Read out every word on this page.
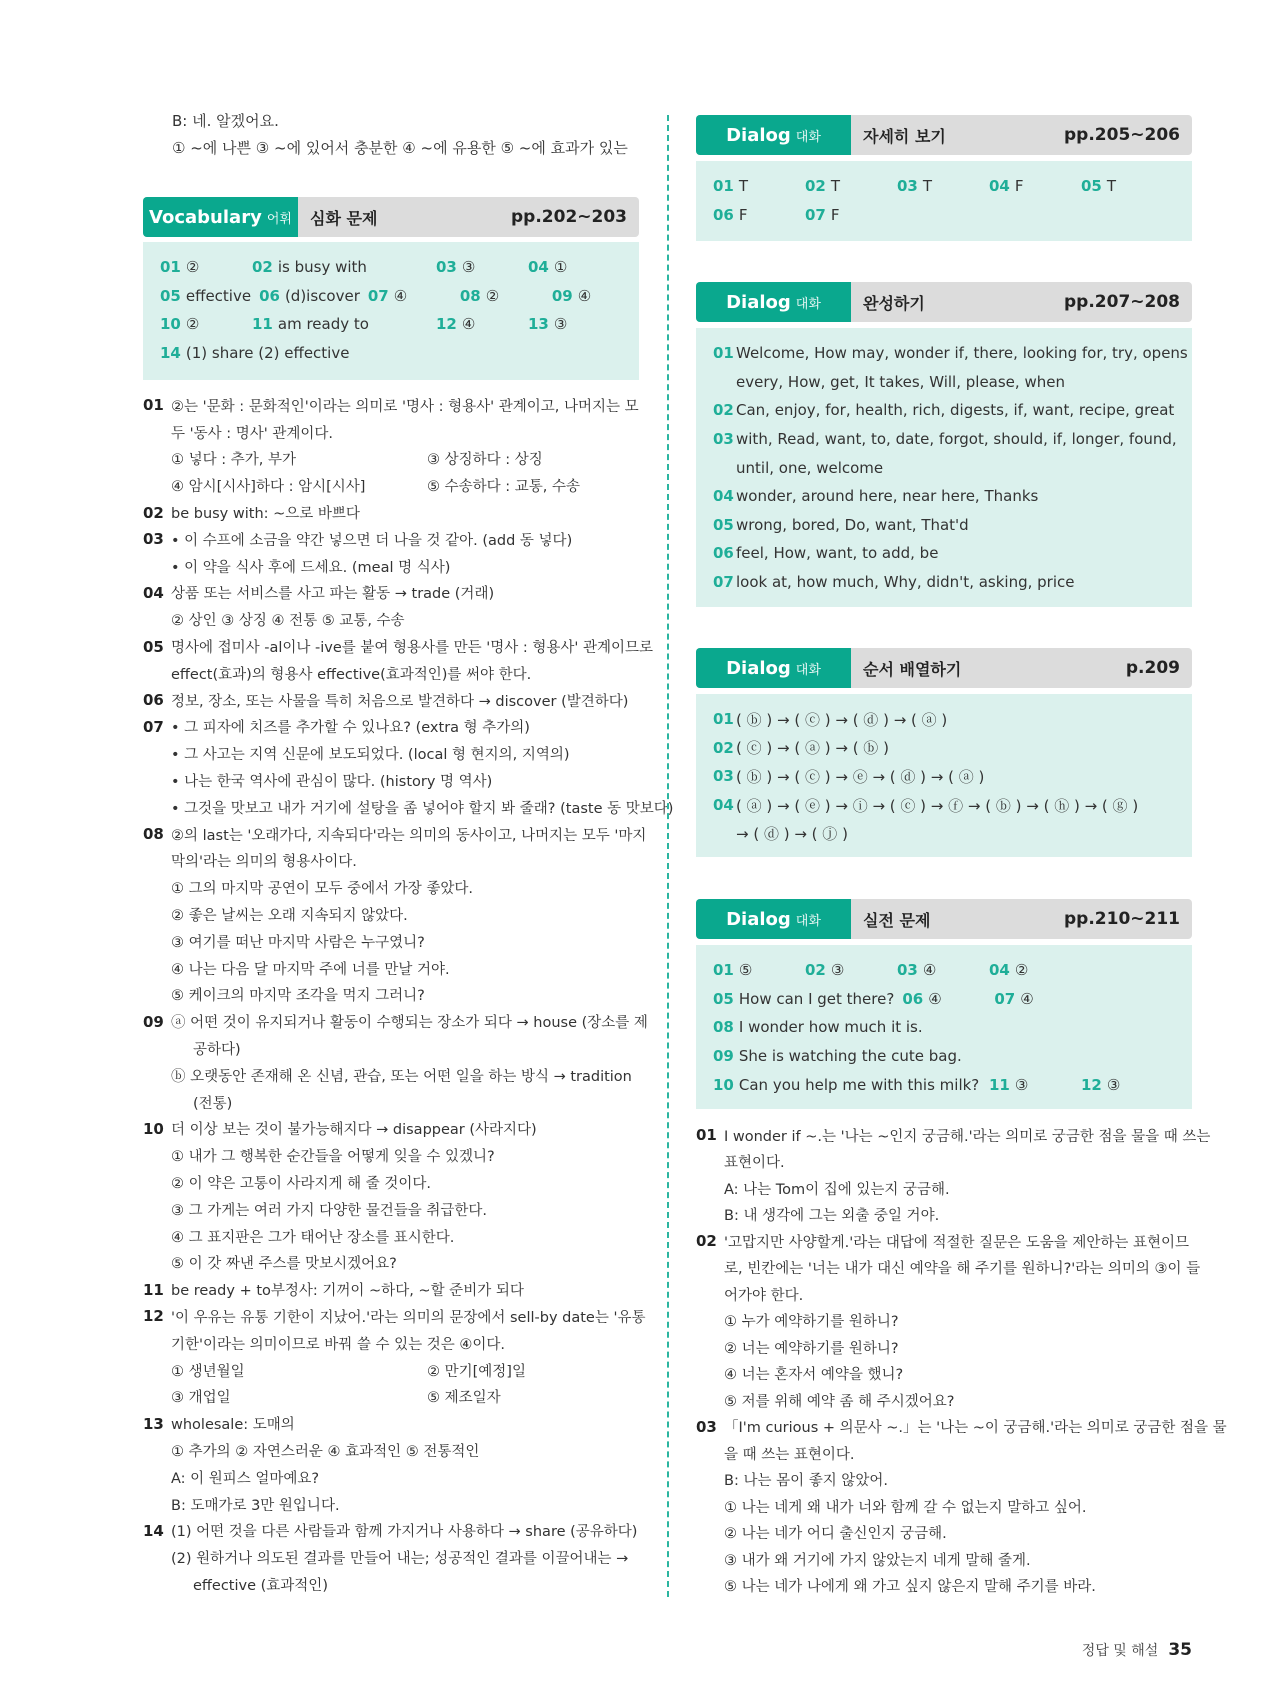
B: 네. 알겠어요.
① ~에 나쁜 ③ ~에 있어서 충분한 ④ ~에 유용한 ⑤ ~에 효과가 있는
Vocabulary 어휘	심화 문제	pp.202~203
01 ②	02 is busy with	03 ③	04 ①
05 effective 06 (d)iscover 07 ④	08 ②	09 ④
10 ②	11 am ready to	12 ④	13 ③
14 (1) share (2) effective
01 ②는 '문화 : 문화적인'이라는 의미로 '명사 : 형용사' 관계이고, 나머지는 모
두 '동사 : 명사' 관계이다.
① 넣다 : 추가, 부가	③ 상징하다 : 상징
④ 암시[시사]하다 : 암시[시사]	⑤ 수송하다 : 교통, 수송
02 be busy with: ~으로 바쁘다
03 • 이 수프에 소금을 약간 넣으면 더 나을 것 같아. (add 동 넣다)
• 이 약을 식사 후에 드세요. (meal 명 식사)
04 상품 또는 서비스를 사고 파는 활동 → trade (거래)
② 상인 ③ 상징 ④ 전통 ⑤ 교통, 수송
05 명사에 접미사 -al이나 -ive를 붙여 형용사를 만든 '명사 : 형용사' 관계이므로
effect(효과)의 형용사 effective(효과적인)를 써야 한다.
06 정보, 장소, 또는 사물을 특히 처음으로 발견하다 → discover (발견하다)
07 • 그 피자에 치즈를 추가할 수 있나요? (extra 형 추가의)
• 그 사고는 지역 신문에 보도되었다. (local 형 현지의, 지역의)
• 나는 한국 역사에 관심이 많다. (history 명 역사)
• 그것을 맛보고 내가 거기에 설탕을 좀 넣어야 할지 봐 줄래? (taste 동 맛보다)
08 ②의 last는 '오래가다, 지속되다'라는 의미의 동사이고, 나머지는 모두 '마지
막의'라는 의미의 형용사이다.
① 그의 마지막 공연이 모두 중에서 가장 좋았다.
② 좋은 날씨는 오래 지속되지 않았다.
③ 여기를 떠난 마지막 사람은 누구였니?
④ 나는 다음 달 마지막 주에 너를 만날 거야.
⑤ 케이크의 마지막 조각을 먹지 그러니?
09 ⓐ 어떤 것이 유지되거나 활동이 수행되는 장소가 되다 → house (장소를 제
공하다)
ⓑ 오랫동안 존재해 온 신념, 관습, 또는 어떤 일을 하는 방식 → tradition
(전통)
10 더 이상 보는 것이 불가능해지다 → disappear (사라지다)
① 내가 그 행복한 순간들을 어떻게 잊을 수 있겠니?
② 이 약은 고통이 사라지게 해 줄 것이다.
③ 그 가게는 여러 가지 다양한 물건들을 취급한다.
④ 그 표지판은 그가 태어난 장소를 표시한다.
⑤ 이 갓 짜낸 주스를 맛보시겠어요?
11 be ready + to부정사: 기꺼이 ~하다, ~할 준비가 되다
12 '이 우유는 유통 기한이 지났어.'라는 의미의 문장에서 sell-by date는 '유통
기한'이라는 의미이므로 바꿔 쓸 수 있는 것은 ④이다.
① 생년월일	② 만기[예정]일
③ 개업일	⑤ 제조일자
13 wholesale: 도매의
① 추가의 ② 자연스러운 ④ 효과적인 ⑤ 전통적인
A: 이 원피스 얼마예요?
B: 도매가로 3만 원입니다.
14 (1) 어떤 것을 다른 사람들과 함께 가지거나 사용하다 → share (공유하다)
(2) 원하거나 의도된 결과를 만들어 내는; 성공적인 결과를 이끌어내는 →
effective (효과적인)
Dialog 대화	자세히 보기	pp.205~206
01 T	02 T	03 T	04 F	05 T
06 F	07 F
Dialog 대화	완성하기	pp.207~208
01 Welcome, How may, wonder if, there, looking for, try, opens
every, How, get, It takes, Will, please, when
02 Can, enjoy, for, health, rich, digests, if, want, recipe, great
03 with, Read, want, to, date, forgot, should, if, longer, found,
until, one, welcome
04 wonder, around here, near here, Thanks
05 wrong, bored, Do, want, That'd
06 feel, How, want, to add, be
07 look at, how much, Why, didn't, asking, price
Dialog 대화	순서 배열하기	p.209
01 ( ⓑ ) → ( ⓒ ) → ( ⓓ ) → ( ⓐ )
02 ( ⓒ ) → ( ⓐ ) → ( ⓑ )
03 ( ⓑ ) → ( ⓒ ) → ⓔ → ( ⓓ ) → ( ⓐ )
04 ( ⓐ ) → ( ⓔ ) → ⓘ → ( ⓒ ) → ⓕ → ( ⓑ ) → ( ⓗ ) → ( ⓖ )
→ ( ⓓ ) → ( ⓙ )
Dialog 대화	실전 문제	pp.210~211
01 ⑤	02 ③	03 ④	04 ②
05 How can I get there? 06 ④	07 ④
08 I wonder how much it is.
09 She is watching the cute bag.
10 Can you help me with this milk? 11 ③	12 ③
01 I wonder if ~.는 '나는 ~인지 궁금해.'라는 의미로 궁금한 점을 물을 때 쓰는
표현이다.
A: 나는 Tom이 집에 있는지 궁금해.
B: 내 생각에 그는 외출 중일 거야.
02 '고맙지만 사양할게.'라는 대답에 적절한 질문은 도움을 제안하는 표현이므
로, 빈칸에는 '너는 내가 대신 예약을 해 주기를 원하니?'라는 의미의 ③이 들
어가야 한다.
① 누가 예약하기를 원하니?
② 너는 예약하기를 원하니?
④ 너는 혼자서 예약을 했니?
⑤ 저를 위해 예약 좀 해 주시겠어요?
03 「I'm curious + 의문사 ~.」는 '나는 ~이 궁금해.'라는 의미로 궁금한 점을 물
을 때 쓰는 표현이다.
B: 나는 몸이 좋지 않았어.
① 나는 네게 왜 내가 너와 함께 갈 수 없는지 말하고 싶어.
② 나는 네가 어디 출신인지 궁금해.
③ 내가 왜 거기에 가지 않았는지 네게 말해 줄게.
⑤ 나는 네가 나에게 왜 가고 싶지 않은지 말해 주기를 바라.
정답 및 해설 35
